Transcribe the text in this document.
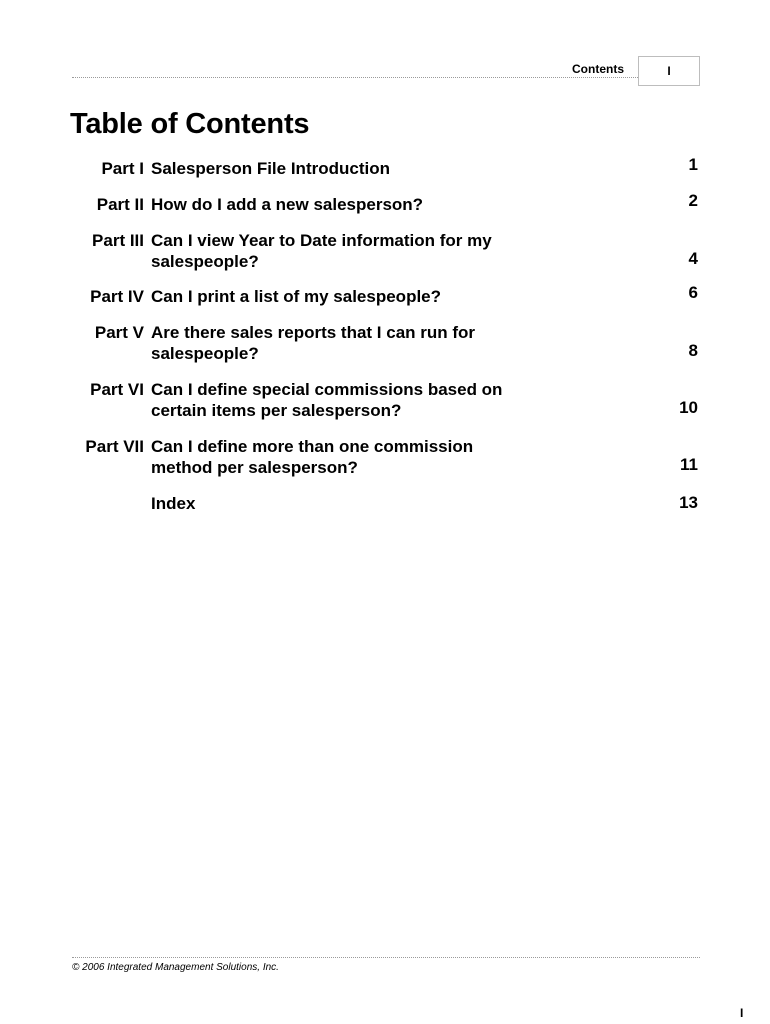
Contents	I
Table of Contents
Part I Salesperson File Introduction	1
Part II How do I add a new salesperson?	2
Part III Can I view Year to Date information for my salespeople?	4
Part IV Can I print a list of my salespeople?	6
Part V Are there sales reports that I can run for salespeople?	8
Part VI Can I define special commissions based on certain items per salesperson?	10
Part VII Can I define more than one commission method per salesperson?	11
Index	13
© 2006 Integrated Management Solutions, Inc.
I
